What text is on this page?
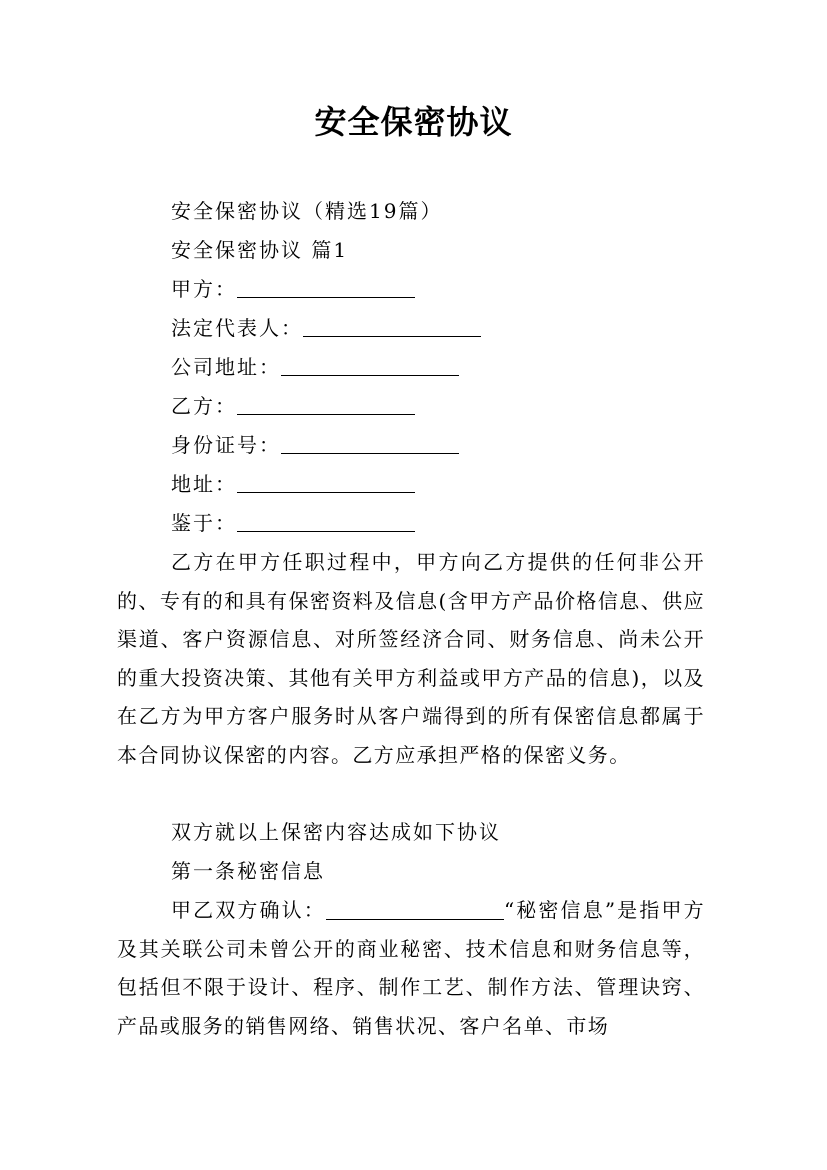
安全保密协议

安全保密协议（精选19篇）

安全保密协议 篇1

甲方：

法定代表人：

公司地址：

乙方：

身份证号：

地址：

鉴于：

乙方在甲方任职过程中，甲方向乙方提供的任何非公开的、专有的和具有保密资料及信息(含甲方产品价格信息、供应渠道、客户资源信息、对所签经济合同、财务信息、尚未公开的重大投资决策、其他有关甲方利益或甲方产品的信息)，以及在乙方为甲方客户服务时从客户端得到的所有保密信息都属于本合同协议保密的内容。乙方应承担严格的保密义务。

双方就以上保密内容达成如下协议

第一条秘密信息

甲乙双方确认：	“秘密信息”是指甲方及其关联公司未曾公开的商业秘密、技术信息和财务信息等，包括但不限于设计、程序、制作工艺、制作方法、管理诀窍、产品或服务的销售网络、销售状况、客户名单、市场
